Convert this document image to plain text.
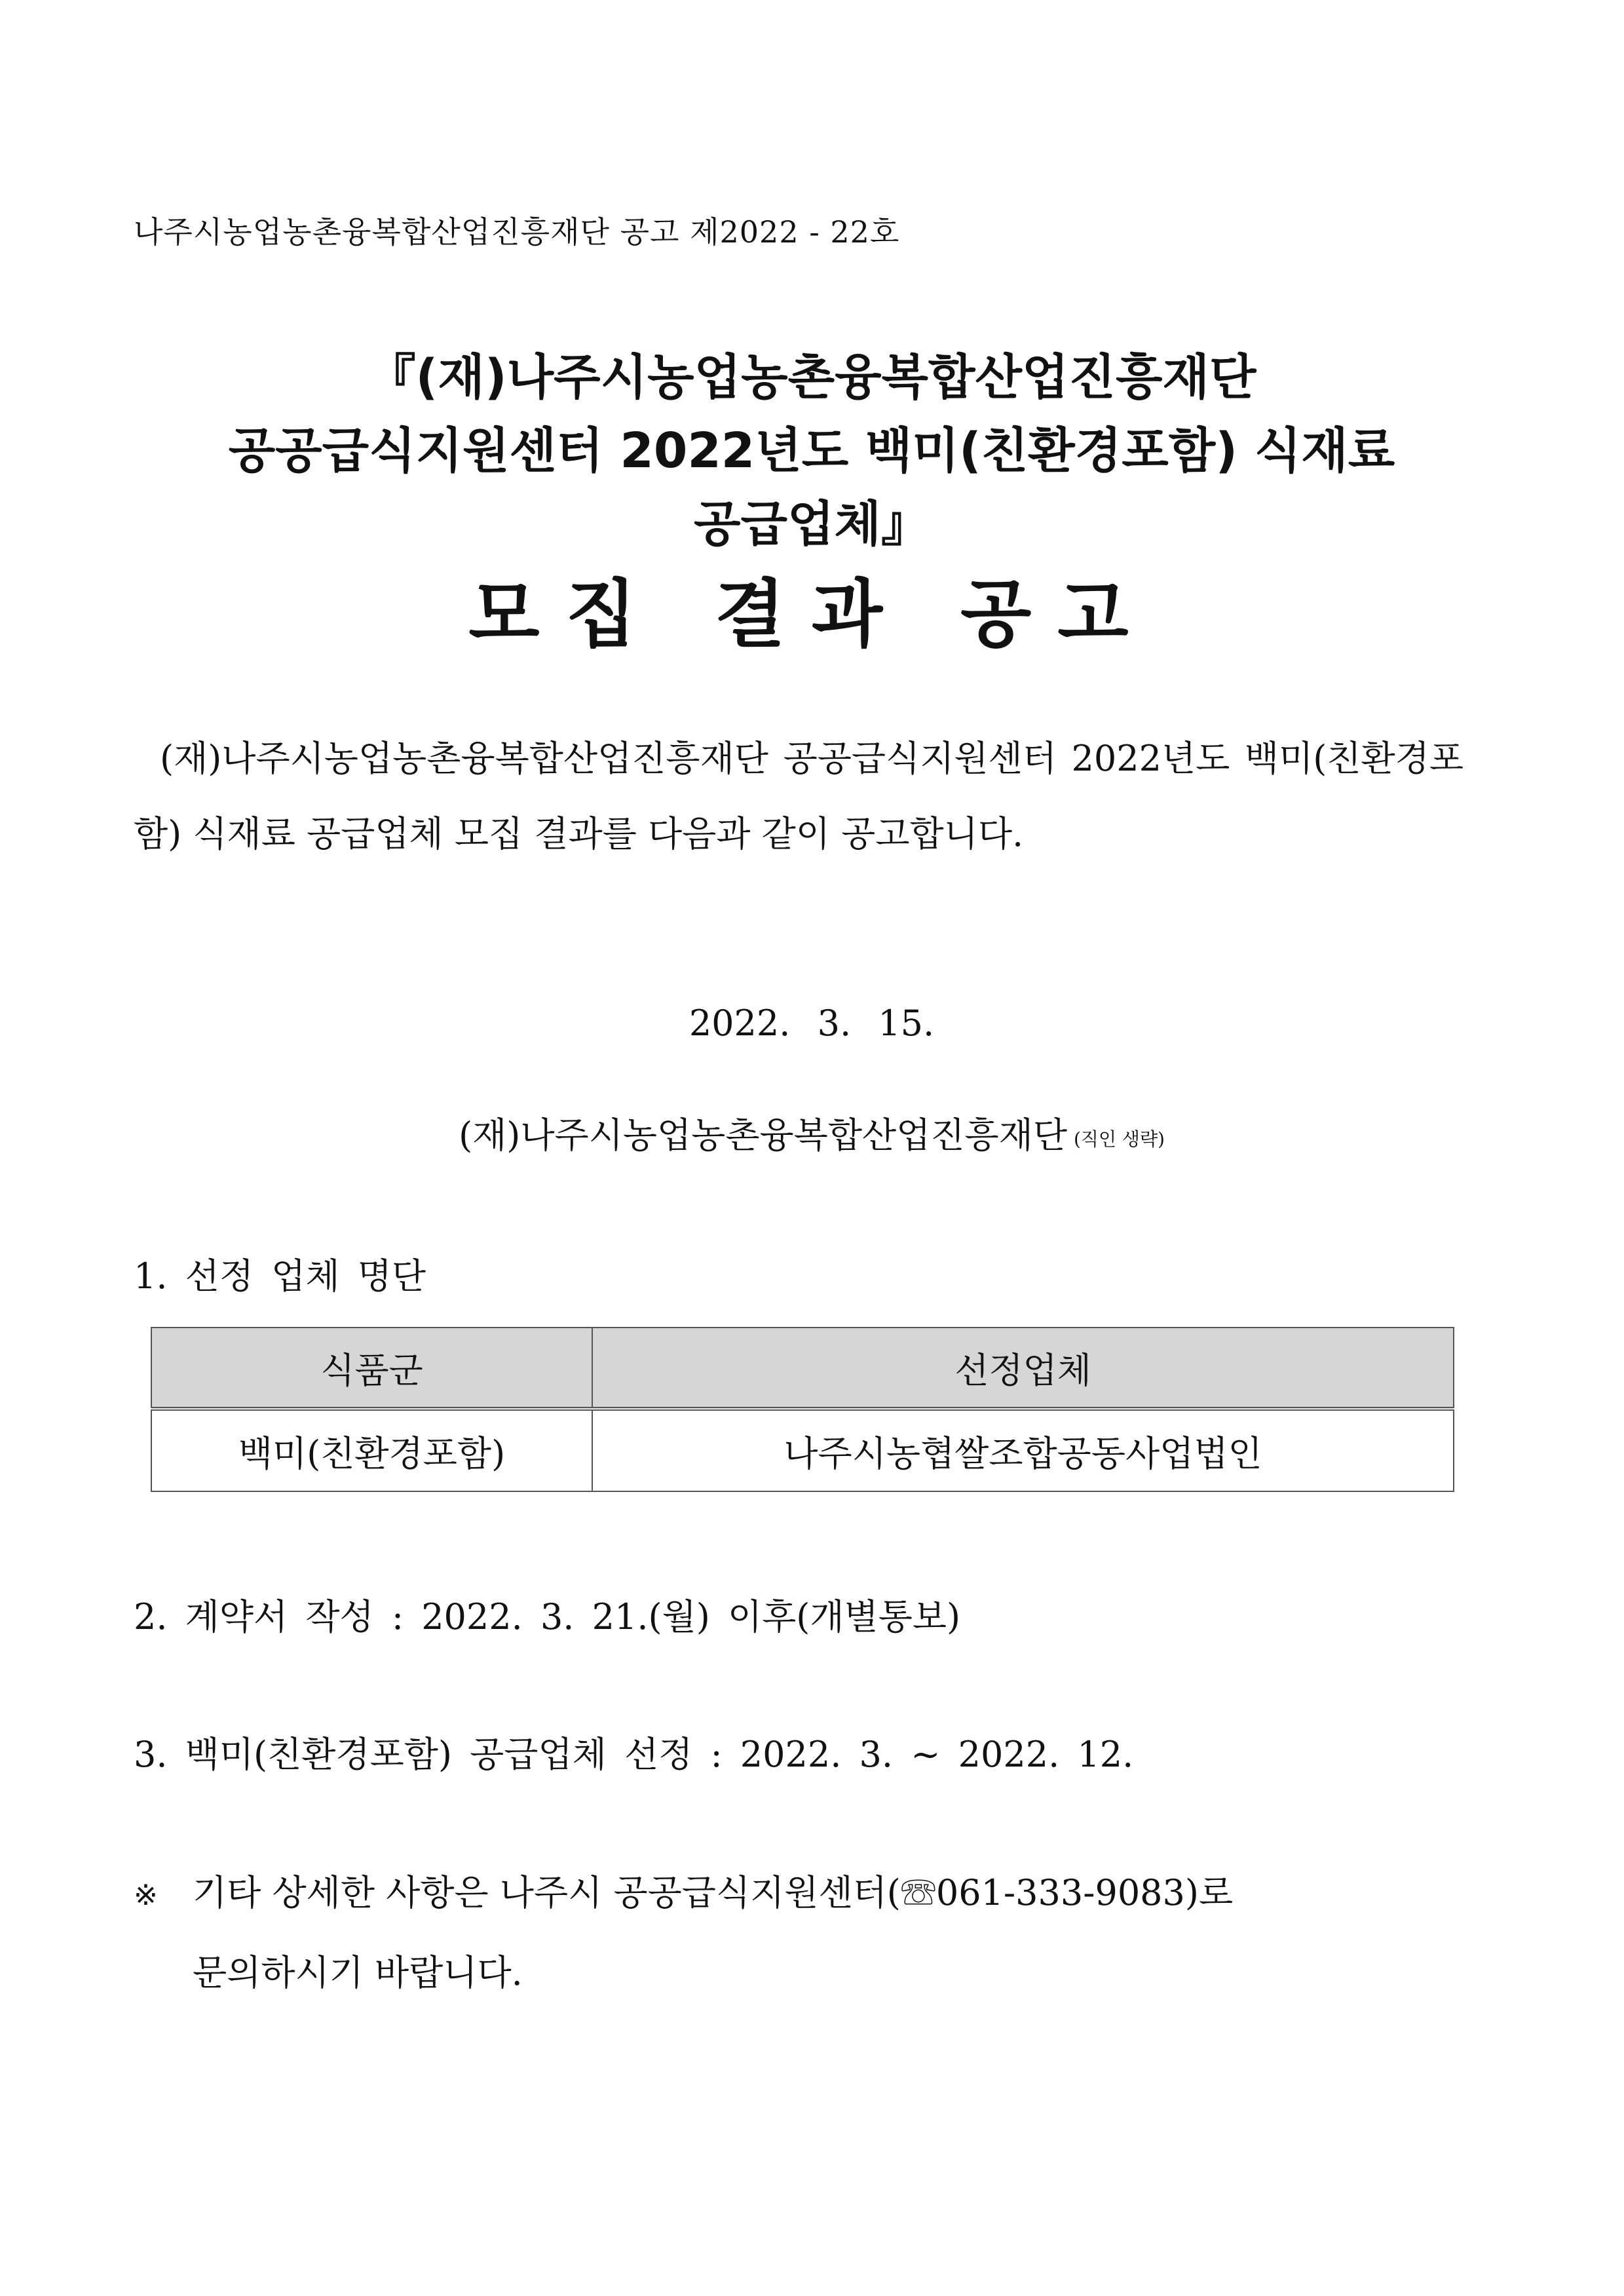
나주시농업농촌융복합산업진흥재단 공고 제2022 - 22호
『(재)나주시농업농촌융복합산업진흥재단
공공급식지원센터 2022년도 백미(친환경포함) 식재료
공급업체』
모집 결과 공고

(재)나주시농업농촌융복합산업진흥재단 공공급식지원센터 2022년도 백미(친환경포함) 식재료 공급업체 모집 결과를 다음과 같이 공고합니다.

2022. 3. 15.
(재)나주시농업농촌융복합산업진흥재단 (직인 생략)
1. 선정 업체 명단
식품군	선정업체
백미(친환경포함)	나주시농협쌀조합공동사업법인
2. 계약서 작성 : 2022. 3. 21.(월) 이후(개별통보)
3. 백미(친환경포함) 공급업체 선정 : 2022. 3. ~ 2022. 12.
※ 기타 상세한 사항은 나주시 공공급식지원센터(☏061-333-9083)로
문의하시기 바랍니다.
